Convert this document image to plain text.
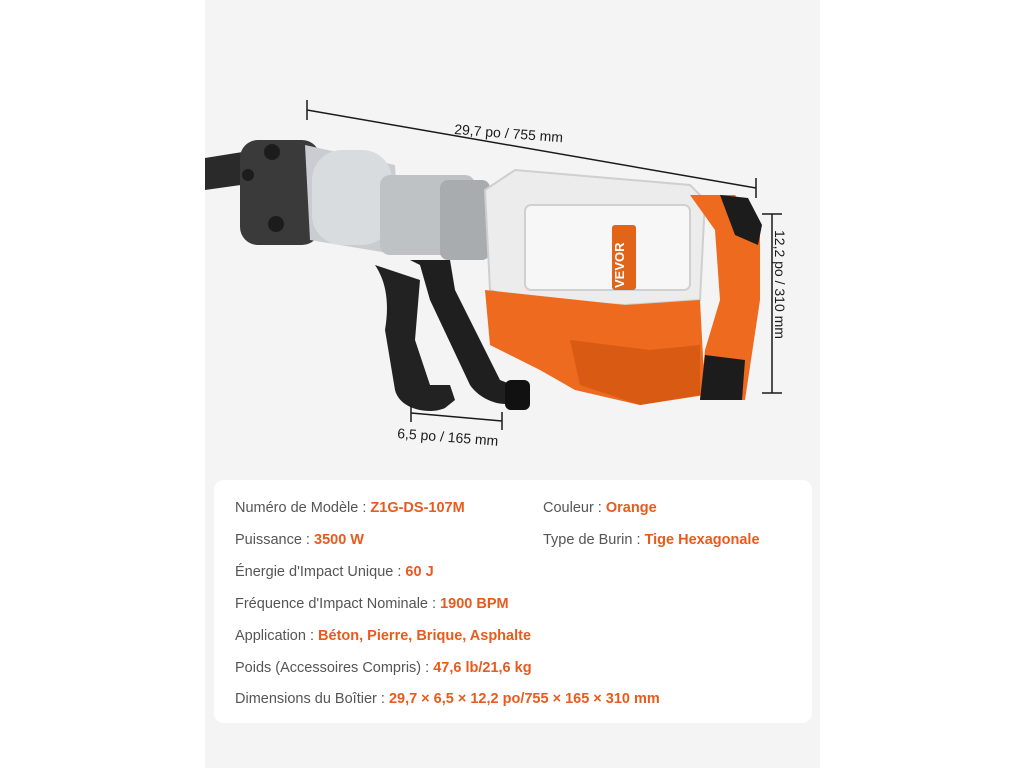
VEVOR
29,7 po / 755 mm
12,2 po / 310 mm
6,5 po / 165 mm
Numéro de Modèle : Z1G-DS-107M	Couleur : Orange
Puissance : 3500 W	Type de Burin : Tige Hexagonale
Énergie d'Impact Unique : 60 J
Fréquence d'Impact Nominale : 1900 BPM
Application : Béton, Pierre, Brique, Asphalte
Poids (Accessoires Compris) : 47,6 lb/21,6 kg
Dimensions du Boîtier : 29,7 × 6,5 × 12,2 po/755 × 165 × 310 mm
